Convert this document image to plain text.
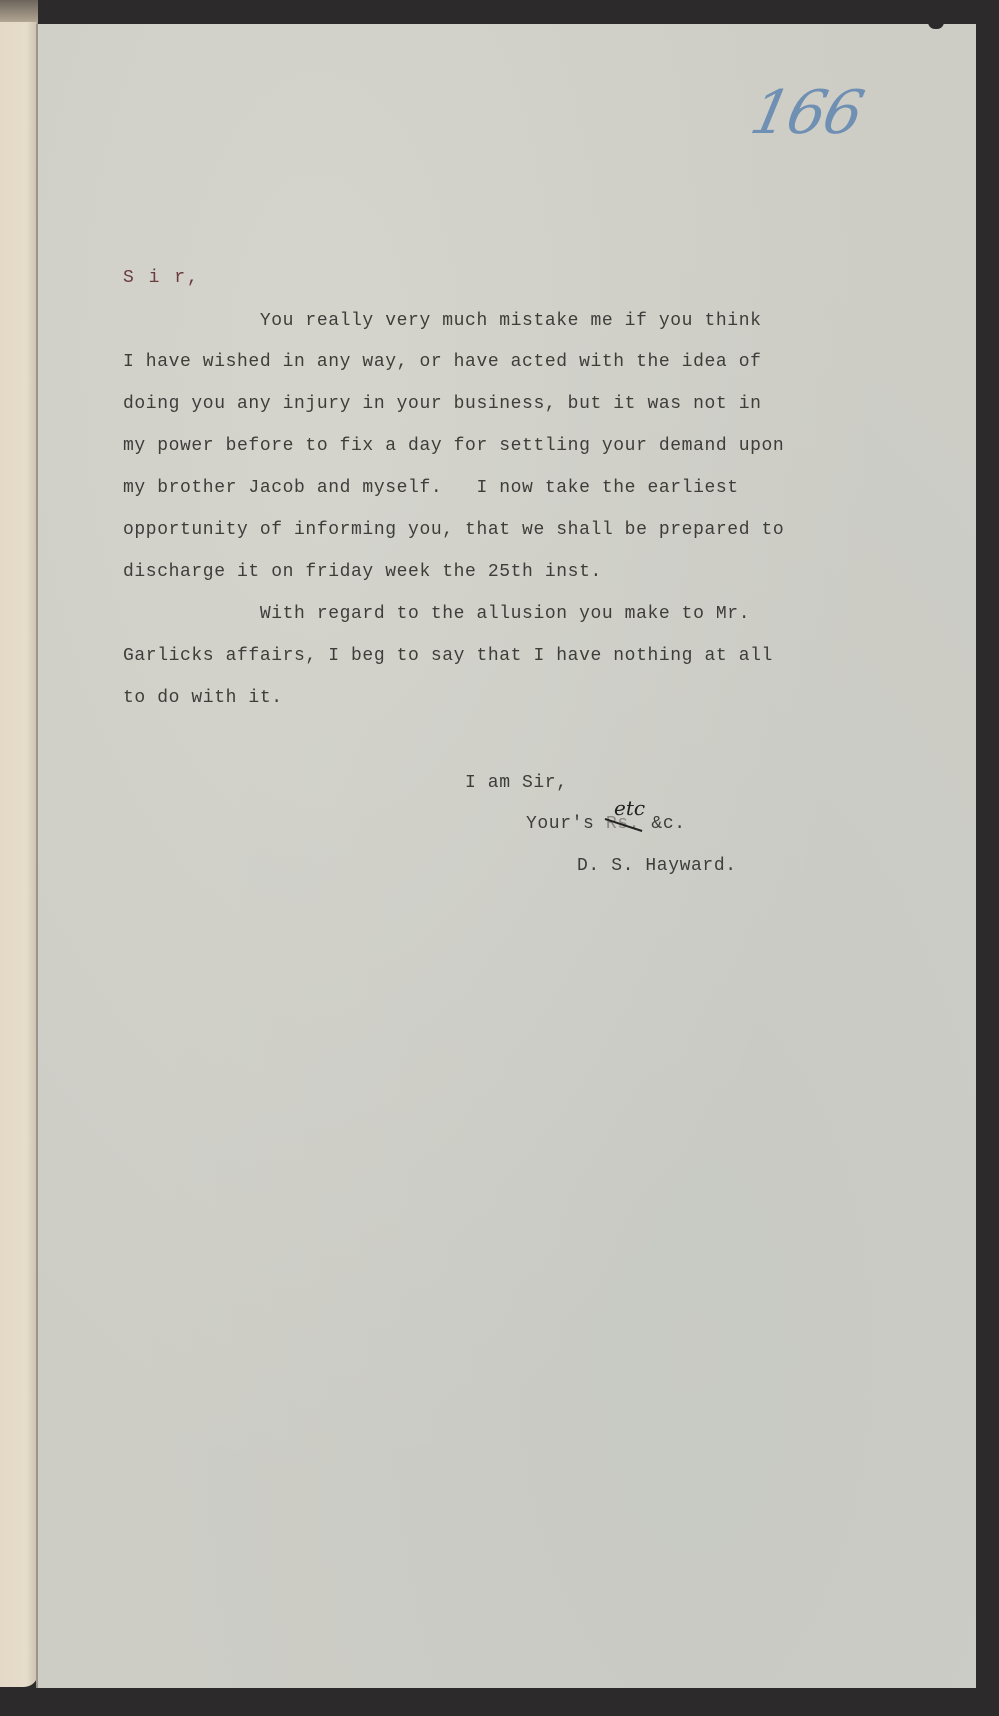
166
S i r,
You really very much mistake me if you think
I have wished in any way, or have acted with the idea of
doing you any injury in your business, but it was not in
my power before to fix a day for settling your demand upon
my brother Jacob and myself.   I now take the earliest
opportunity of informing you, that we shall be prepared to
discharge it on friday week the 25th inst.
With regard to the allusion you make to Mr.
Garlicks affairs, I beg to say that I have nothing at all
to do with it.
I am Sir,
Your's Rs. &c.
etc
D. S. Hayward.
